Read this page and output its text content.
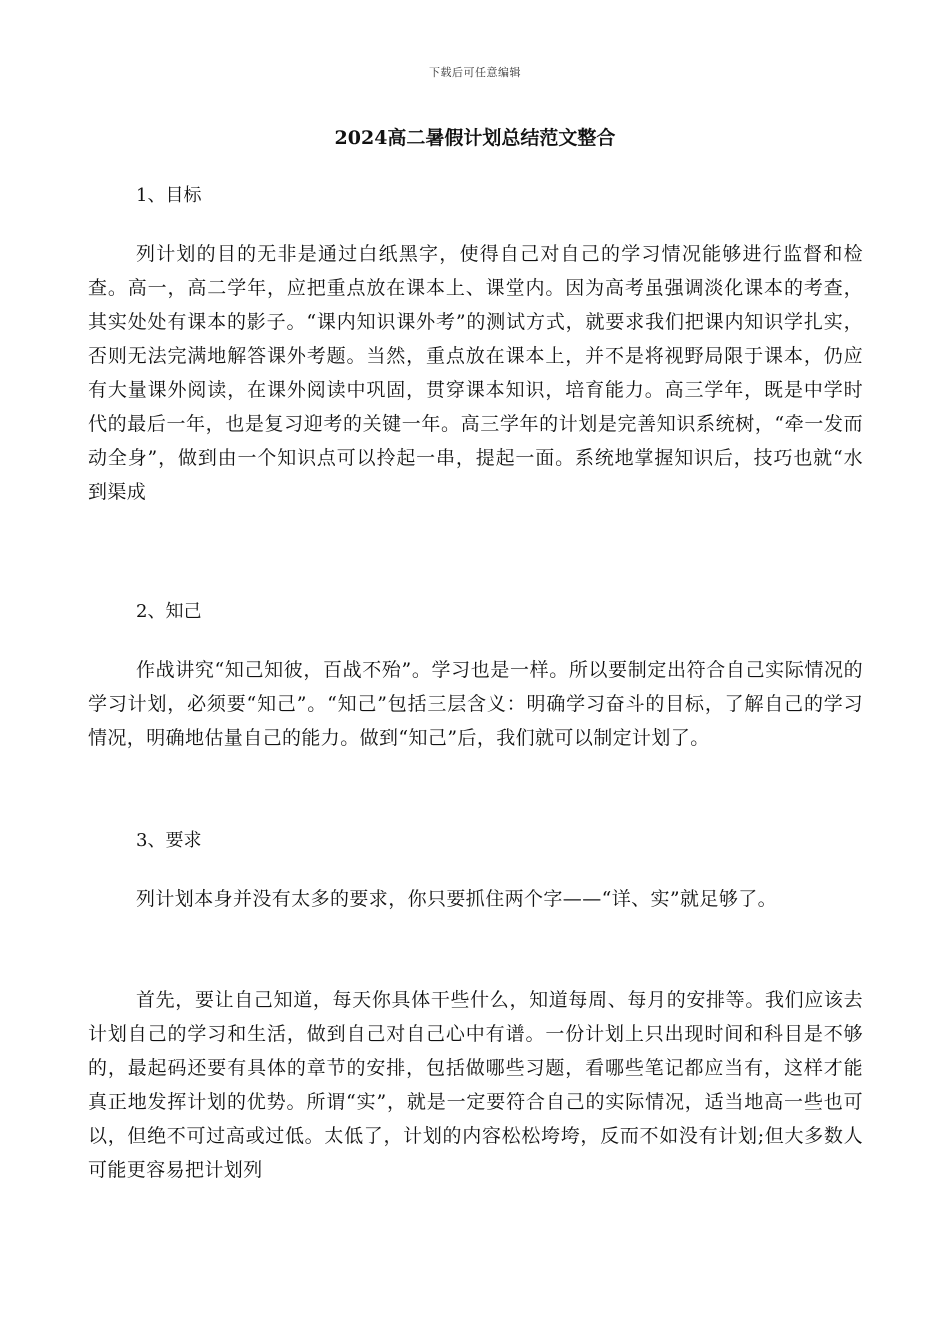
下载后可任意编辑
2024高二暑假计划总结范文整合
1、目标

列计划的目的无非是通过白纸黑字，使得自己对自己的学习情况能够进行监督和检查。高一，高二学年，应把重点放在课本上、课堂内。因为高考虽强调淡化课本的考查，其实处处有课本的影子。“课内知识课外考”的测试方式，就要求我们把课内知识学扎实，否则无法完满地解答课外考题。当然，重点放在课本上，并不是将视野局限于课本，仍应有大量课外阅读，在课外阅读中巩固，贯穿课本知识，培育能力。高三学年，既是中学时代的最后一年，也是复习迎考的关键一年。高三学年的计划是完善知识系统树，“牵一发而动全身”，做到由一个知识点可以拎起一串，提起一面。系统地掌握知识后，技巧也就“水到渠成

2、知己

作战讲究“知己知彼，百战不殆”。学习也是一样。所以要制定出符合自己实际情况的学习计划，必须要“知己”。“知己”包括三层含义：明确学习奋斗的目标，了解自己的学习情况，明确地估量自己的能力。做到“知己”后，我们就可以制定计划了。

3、要求

列计划本身并没有太多的要求，你只要抓住两个字——“详、实”就足够了。

首先，要让自己知道，每天你具体干些什么，知道每周、每月的安排等。我们应该去计划自己的学习和生活，做到自己对自己心中有谱。一份计划上只出现时间和科目是不够的，最起码还要有具体的章节的安排，包括做哪些习题，看哪些笔记都应当有，这样才能真正地发挥计划的优势。所谓“实”，就是一定要符合自己的实际情况，适当地高一些也可以，但绝不可过高或过低。太低了，计划的内容松松垮垮，反而不如没有计划;但大多数人可能更容易把计划列
